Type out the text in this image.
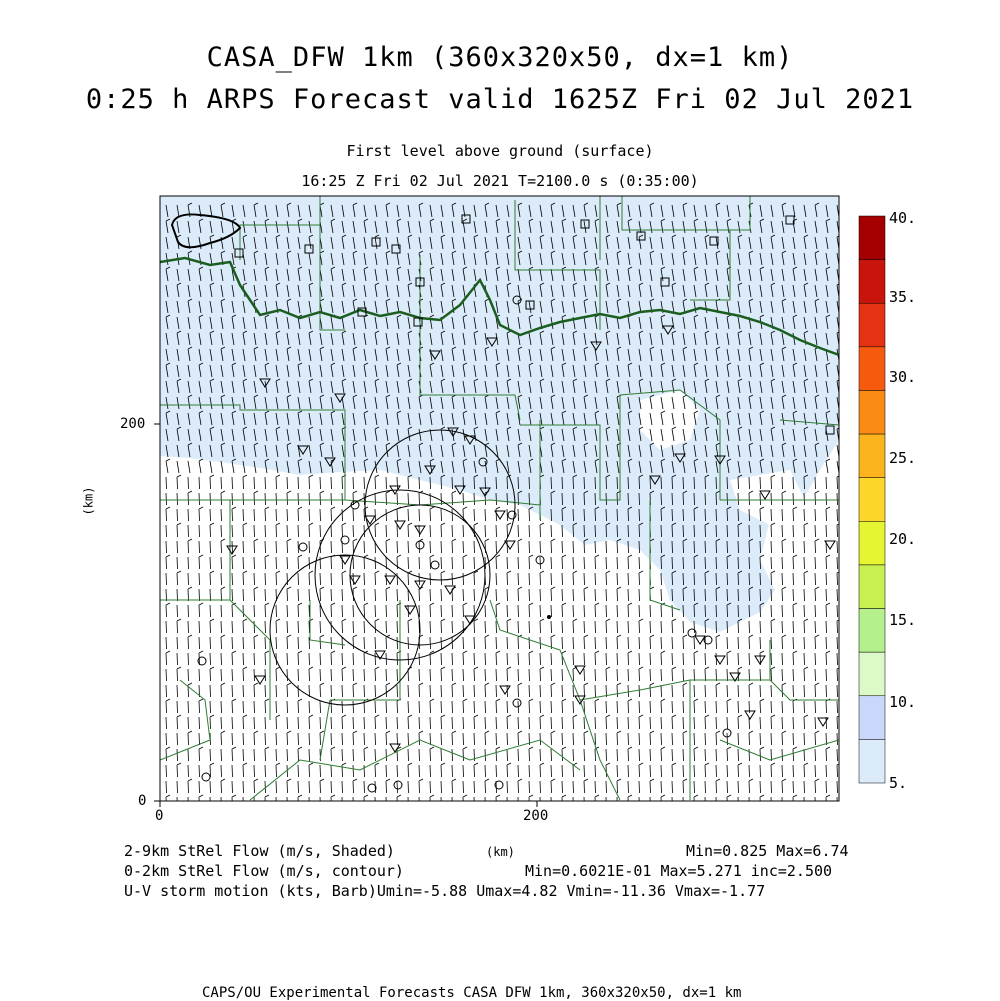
CASA_DFW 1km (360x320x50, dx=1 km)
0:25 h ARPS Forecast valid 1625Z Fri 02 Jul 2021
First level above ground (surface)
16:25 Z Fri 02 Jul 2021 T=2100.0 s (0:35:00)
0
200
0	200
(km)
(km)
40.
35.
30.
25.
20.
15.
10.
5.
2-9km StRel Flow (m/s, Shaded)	Min=0.825 Max=6.74
0-2km StRel Flow (m/s, contour)	Min=0.6021E-01 Max=5.271 inc=2.500
U-V storm motion (kts, Barb)Umin=-5.88 Umax=4.82 Vmin=-11.36 Vmax=-1.77
CAPS/OU Experimental Forecasts CASA DFW 1km, 360x320x50, dx=1 km
